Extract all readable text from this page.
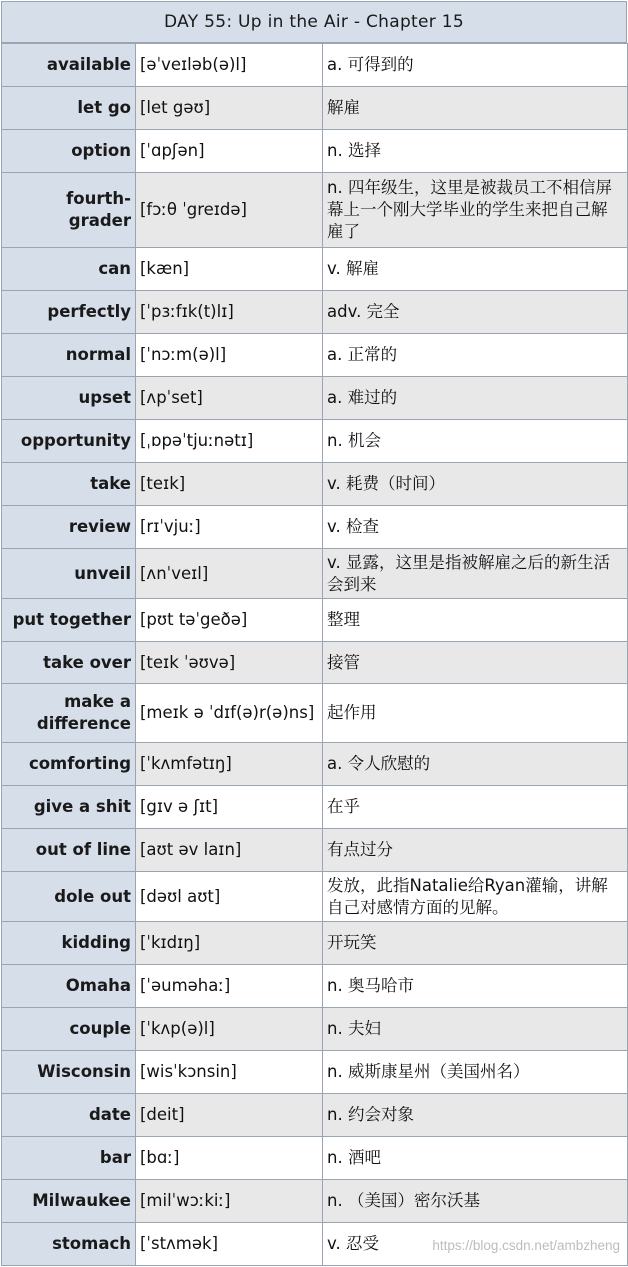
DAY 55: Up in the Air - Chapter 15
available	[əˈveɪləb(ə)l]	a. 可得到的
let go	[let gəʊ]	解雇
option	[ˈɑpʃən]	n. 选择
fourth-grader	[fɔːθ ˈgreɪdə]	n. 四年级生，这里是被裁员工不相信屏幕上一个刚大学毕业的学生来把自己解雇了
can	[kæn]	v. 解雇
perfectly	[ˈpɜːfɪk(t)lɪ]	adv. 完全
normal	[ˈnɔːm(ə)l]	a. 正常的
upset	[ʌpˈset]	a. 难过的
opportunity	[ˌɒpəˈtjuːnətɪ]	n. 机会
take	[teɪk]	v. 耗费（时间）
review	[rɪˈvjuː]	v. 检查
unveil	[ʌnˈveɪl]	v. 显露，这里是指被解雇之后的新生活会到来
put together	[pʊt təˈgeðə]	整理
take over	[teɪk ˈəʊvə]	接管
make a difference	[meɪk ə ˈdɪf(ə)r(ə)ns]	起作用
comforting	[ˈkʌmfətɪŋ]	a. 令人欣慰的
give a shit	[gɪv ə ʃɪt]	在乎
out of line	[aʊt əv laɪn]	有点过分
dole out	[dəʊl aʊt]	发放，此指Natalie给Ryan灌输，讲解自己对感情方面的见解。
kidding	[ˈkɪdɪŋ]	开玩笑
Omaha	[ˈəuməhaː]	n. 奥马哈市
couple	[ˈkʌp(ə)l]	n. 夫妇
Wisconsin	[wisˈkɔnsin]	n. 威斯康星州（美国州名）
date	[deit]	n. 约会对象
bar	[bɑː]	n. 酒吧
Milwaukee	[milˈwɔːkiː]	n. （美国）密尔沃基
stomach	[ˈstʌmək]	v. 忍受	https://blog.csdn.net/ambzheng
